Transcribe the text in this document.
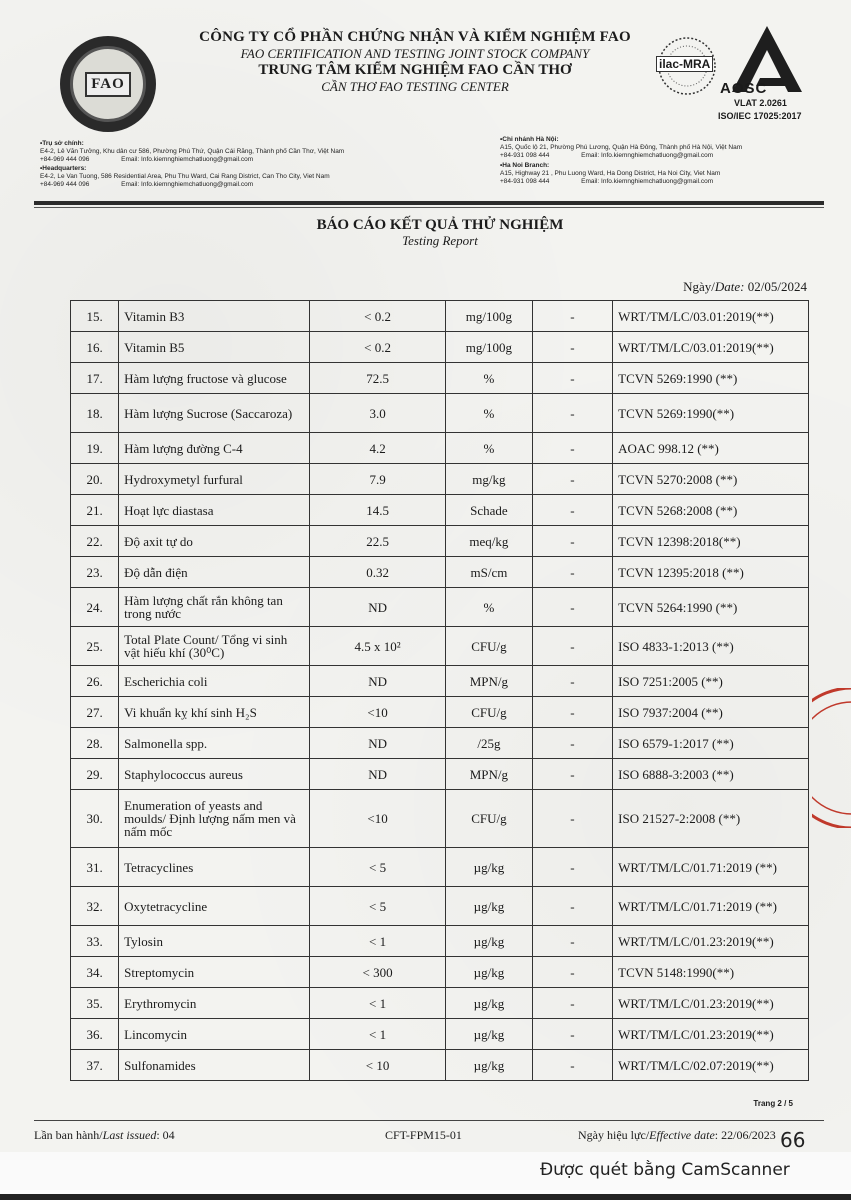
FAO
CÔNG TY CỔ PHẦN CHỨNG NHẬN VÀ KIỂM NGHIỆM FAO
FAO CERTIFICATION AND TESTING JOINT STOCK COMPANY
TRUNG TÂM KIỂM NGHIỆM FAO CẦN THƠ
CẦN THƠ FAO TESTING CENTER
ilac-MRA
AOSC
VLAT 2.0261
ISO/IEC 17025:2017
•Trụ sở chính:
E4-2, Lê Văn Tưởng, Khu dân cư 586, Phường Phú Thứ, Quận Cái Răng, Thành phố Cần Thơ, Việt Nam
+84-969 444 096	Email: Info.kiemnghiemchatluong@gmail.com
•Headquarters:
E4-2, Le Van Tuong, 586 Residential Area, Phu Thu Ward, Cai Rang District, Can Tho City, Viet Nam
+84-969 444 096	Email: Info.kiemnghiemchatluong@gmail.com
•Chi nhánh Hà Nội:
A15, Quốc lộ 21, Phường Phú Lương, Quận Hà Đông, Thành phố Hà Nội, Việt Nam
+84-931 098 444	Email: Info.kiemnghiemchatluong@gmail.com
•Ha Noi Branch:
A15, Highway 21 , Phu Luong Ward, Ha Dong District, Ha Noi City, Viet Nam
+84-931 098 444	Email: Info.kiemnghiemchatluong@gmail.com
BÁO CÁO KẾT QUẢ THỬ NGHIỆM
Testing Report
Ngày/Date: 02/05/2024
15.	Vitamin B3	< 0.2	mg/100g	-	WRT/TM/LC/03.01:2019(**)
16.	Vitamin B5	< 0.2	mg/100g	-	WRT/TM/LC/03.01:2019(**)
17.	Hàm lượng fructose và glucose	72.5	%	-	TCVN 5269:1990 (**)
18.	Hàm lượng Sucrose (Saccaroza)	3.0	%	-	TCVN 5269:1990(**)
19.	Hàm lượng đường C-4	4.2	%	-	AOAC 998.12 (**)
20.	Hydroxymetyl furfural	7.9	mg/kg	-	TCVN 5270:2008 (**)
21.	Hoạt lực diastasa	14.5	Schade	-	TCVN 5268:2008 (**)
22.	Độ axit tự do	22.5	meq/kg	-	TCVN 12398:2018(**)
23.	Độ dẫn điện	0.32	mS/cm	-	TCVN 12395:2018 (**)
24.	Hàm lượng chất rắn không tan trong nước	ND	%	-	TCVN 5264:1990 (**)
25.	Total Plate Count/ Tổng vi sinh vật hiếu khí (30⁰C)	4.5 x 10²	CFU/g	-	ISO 4833-1:2013 (**)
26.	Escherichia coli	ND	MPN/g	-	ISO 7251:2005 (**)
27.	Vi khuẩn kỵ khí sinh H₂S	<10	CFU/g	-	ISO 7937:2004 (**)
28.	Salmonella spp.	ND	/25g	-	ISO 6579-1:2017 (**)
29.	Staphylococcus aureus	ND	MPN/g	-	ISO 6888-3:2003 (**)
30.	Enumeration of yeasts and moulds/ Định lượng nấm men và nấm mốc	<10	CFU/g	-	ISO 21527-2:2008 (**)
31.	Tetracyclines	< 5	µg/kg	-	WRT/TM/LC/01.71:2019 (**)
32.	Oxytetracycline	< 5	µg/kg	-	WRT/TM/LC/01.71:2019 (**)
33.	Tylosin	< 1	µg/kg	-	WRT/TM/LC/01.23:2019(**)
34.	Streptomycin	< 300	µg/kg	-	TCVN 5148:1990(**)
35.	Erythromycin	< 1	µg/kg	-	WRT/TM/LC/01.23:2019(**)
36.	Lincomycin	< 1	µg/kg	-	WRT/TM/LC/01.23:2019(**)
37.	Sulfonamides	< 10	µg/kg	-	WRT/TM/LC/02.07:2019(**)
Trang 2 / 5
Lần ban hành/Last issued: 04	CFT-FPM15-01	Ngày hiệu lực/Effective date: 22/06/2023 66
Được quét bằng CamScanner
